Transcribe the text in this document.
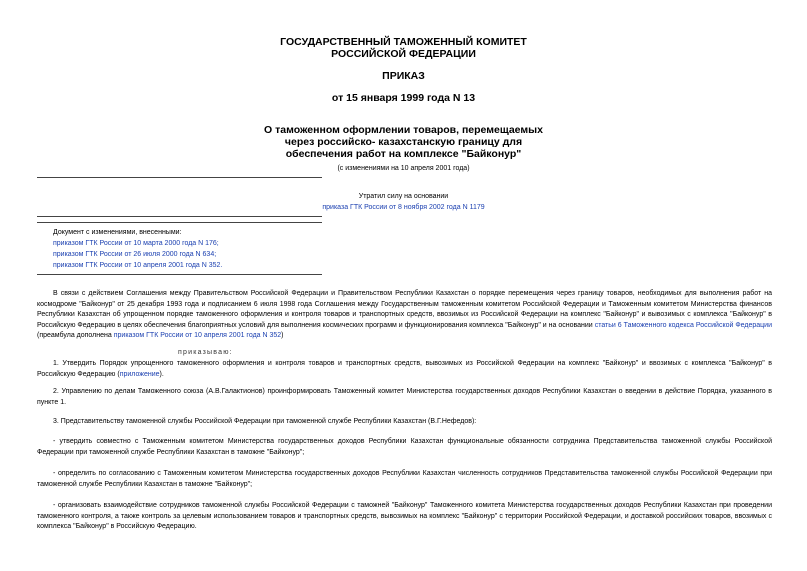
ГОСУДАРСТВЕННЫЙ ТАМОЖЕННЫЙ КОМИТЕТ
РОССИЙСКОЙ ФЕДЕРАЦИИ
ПРИКАЗ
от 15 января 1999 года N 13
О таможенном оформлении товаров, перемещаемых
через российско- казахстанскую границу для
обеспечения работ на комплексе "Байконур"
(с изменениями на 10 апреля 2001 года)
Утратил силу на основании
приказа ГТК России от 8 ноября 2002 года N 1179
Документ с изменениями, внесенными:
приказом ГТК России от 10 марта 2000 года N 176;
приказом ГТК России от 26 июля 2000 года N 634;
приказом ГТК России от 10 апреля 2001 года N 352.
В связи с действием Соглашения между Правительством Российской Федерации и Правительством Республики Казахстан о порядке перемещения через границу товаров, необходимых для выполнения работ на космодроме "Байконур" от 25 декабря 1993 года и подписанием 6 июля 1998 года Соглашения между Государственным таможенным комитетом Российской Федерации и Таможенным комитетом Министерства финансов Республики Казахстан об упрощенном порядке таможенного оформления и контроля товаров и транспортных средств, ввозимых из Российской Федерации на комплекс "Байконур" и вывозимых с комплекса "Байконур" в Российскую Федерацию в целях обеспечения благоприятных условий для выполнения космических программ и функционирования комплекса "Байконур" и на основании статьи 6 Таможенного кодекса Российской Федерации (преамбула дополнена приказом ГТК России от 10 апреля 2001 года N 352)
приказываю:
1. Утвердить Порядок упрощенного таможенного оформления и контроля товаров и транспортных средств, вывозимых из Российской Федерации на комплекс "Байконур" и ввозимых с комплекса "Байконур" в Российскую Федерацию (приложение).
2. Управлению по делам Таможенного союза (А.В.Галактионов) проинформировать Таможенный комитет Министерства государственных доходов Республики Казахстан о введении в действие Порядка, указанного в пункте 1.
3. Представительству таможенной службы Российской Федерации при таможенной службе Республики Казахстан (В.Г.Нефедов):
- утвердить совместно с Таможенным комитетом Министерства государственных доходов Республики Казахстан функциональные обязанности сотрудника Представительства таможенной службы Российской Федерации при таможенной службе Республики Казахстан в таможне "Байконур";
- определить по согласованию с Таможенным комитетом Министерства государственных доходов Республики Казахстан численность сотрудников Представительства таможенной службы Российской Федерации при таможенной службе Республики Казахстан в таможне "Байконур";
- организовать взаимодействие сотрудников таможенной службы Российской Федерации с таможней "Байконур" Таможенного комитета Министерства государственных доходов Республики Казахстан при проведении таможенного контроля, а также контроль за целевым использованием товаров и транспортных средств, вывозимых на комплекс "Байконур" с территории Российской Федерации, и доставкой российских товаров, ввозимых с комплекса "Байконур" в Российскую Федерацию.
